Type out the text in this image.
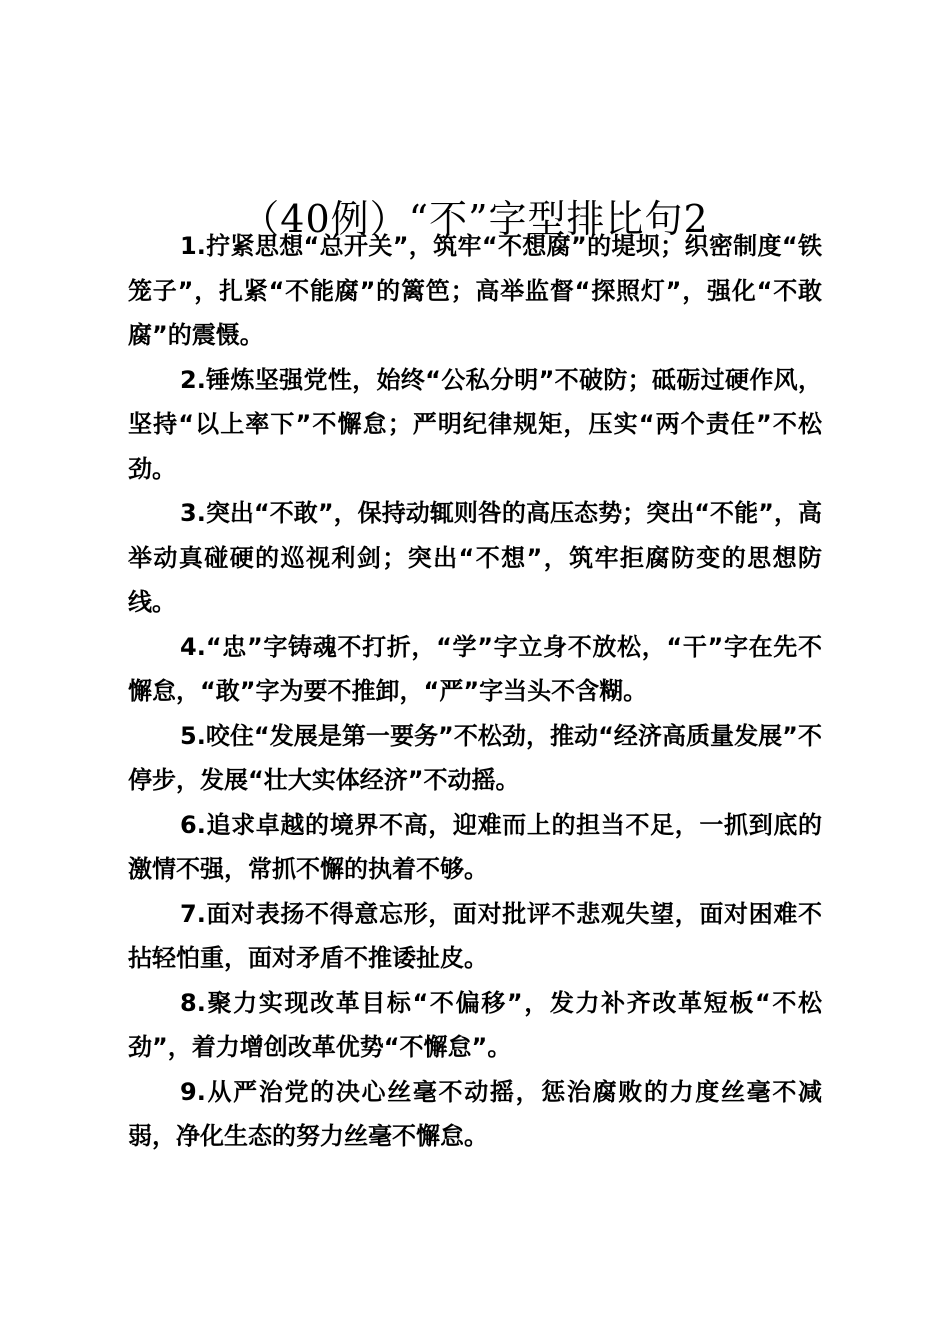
（40例）“不”字型排比句2

1.拧紧思想“总开关”，筑牢“不想腐”的堤坝；织密制度“铁笼子”，扎紧“不能腐”的篱笆；高举监督“探照灯”，强化“不敢腐”的震慑。

2.锤炼坚强党性，始终“公私分明”不破防；砥砺过硬作风，坚持“以上率下”不懈怠；严明纪律规矩，压实“两个责任”不松劲。

3.突出“不敢”，保持动辄则咎的高压态势；突出“不能”，高举动真碰硬的巡视利剑；突出“不想”，筑牢拒腐防变的思想防线。

4.“忠”字铸魂不打折，“学”字立身不放松，“干”字在先不懈怠，“敢”字为要不推卸，“严”字当头不含糊。

5.咬住“发展是第一要务”不松劲，推动“经济高质量发展”不停步，发展“壮大实体经济”不动摇。

6.追求卓越的境界不高，迎难而上的担当不足，一抓到底的激情不强，常抓不懈的执着不够。

7.面对表扬不得意忘形，面对批评不悲观失望，面对困难不拈轻怕重，面对矛盾不推诿扯皮。

8.聚力实现改革目标“不偏移”，发力补齐改革短板“不松劲”，着力增创改革优势“不懈怠”。

9.从严治党的决心丝毫不动摇，惩治腐败的力度丝毫不减弱，净化生态的努力丝毫不懈怠。
